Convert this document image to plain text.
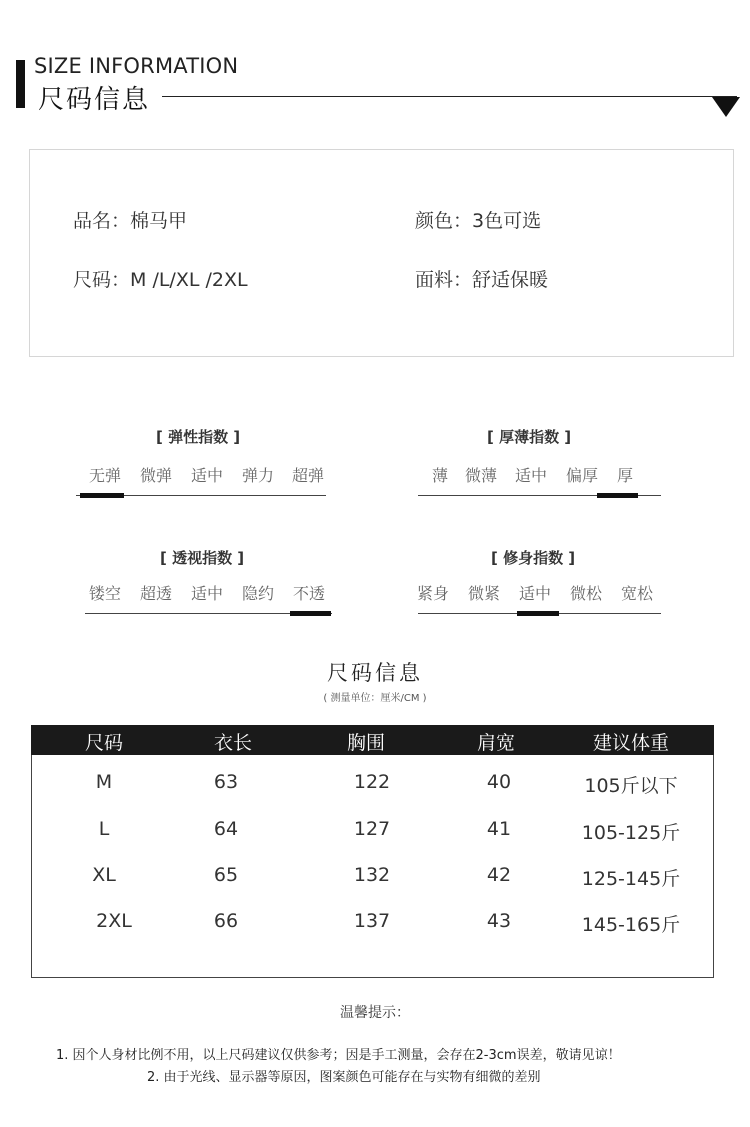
SIZE INFORMATION
尺码信息
品名：棉马甲	颜色：3色可选
尺码：M /L/XL /2XL	面料：舒适保暖
[ 弹性指数 ]
无弹 微弹 适中 弹力 超弹
[ 厚薄指数 ]
薄 微薄 适中 偏厚 厚
[ 透视指数 ]
镂空 超透 适中 隐约 不透
[ 修身指数 ]
紧身 微紧 适中 微松 宽松
尺码信息
( 测量单位：厘米/CM )
尺码	衣长	胸围	肩宽	建议体重
M	63	122	40	105斤以下
L	64	127	41	105-125斤
XL	65	132	42	125-145斤
2XL	66	137	43	145-165斤
温馨提示：
1. 因个人身材比例不用，以上尺码建议仅供参考；因是手工测量，会存在2-3cm误差，敬请见谅！
2. 由于光线、显示器等原因，图案颜色可能存在与实物有细微的差别
